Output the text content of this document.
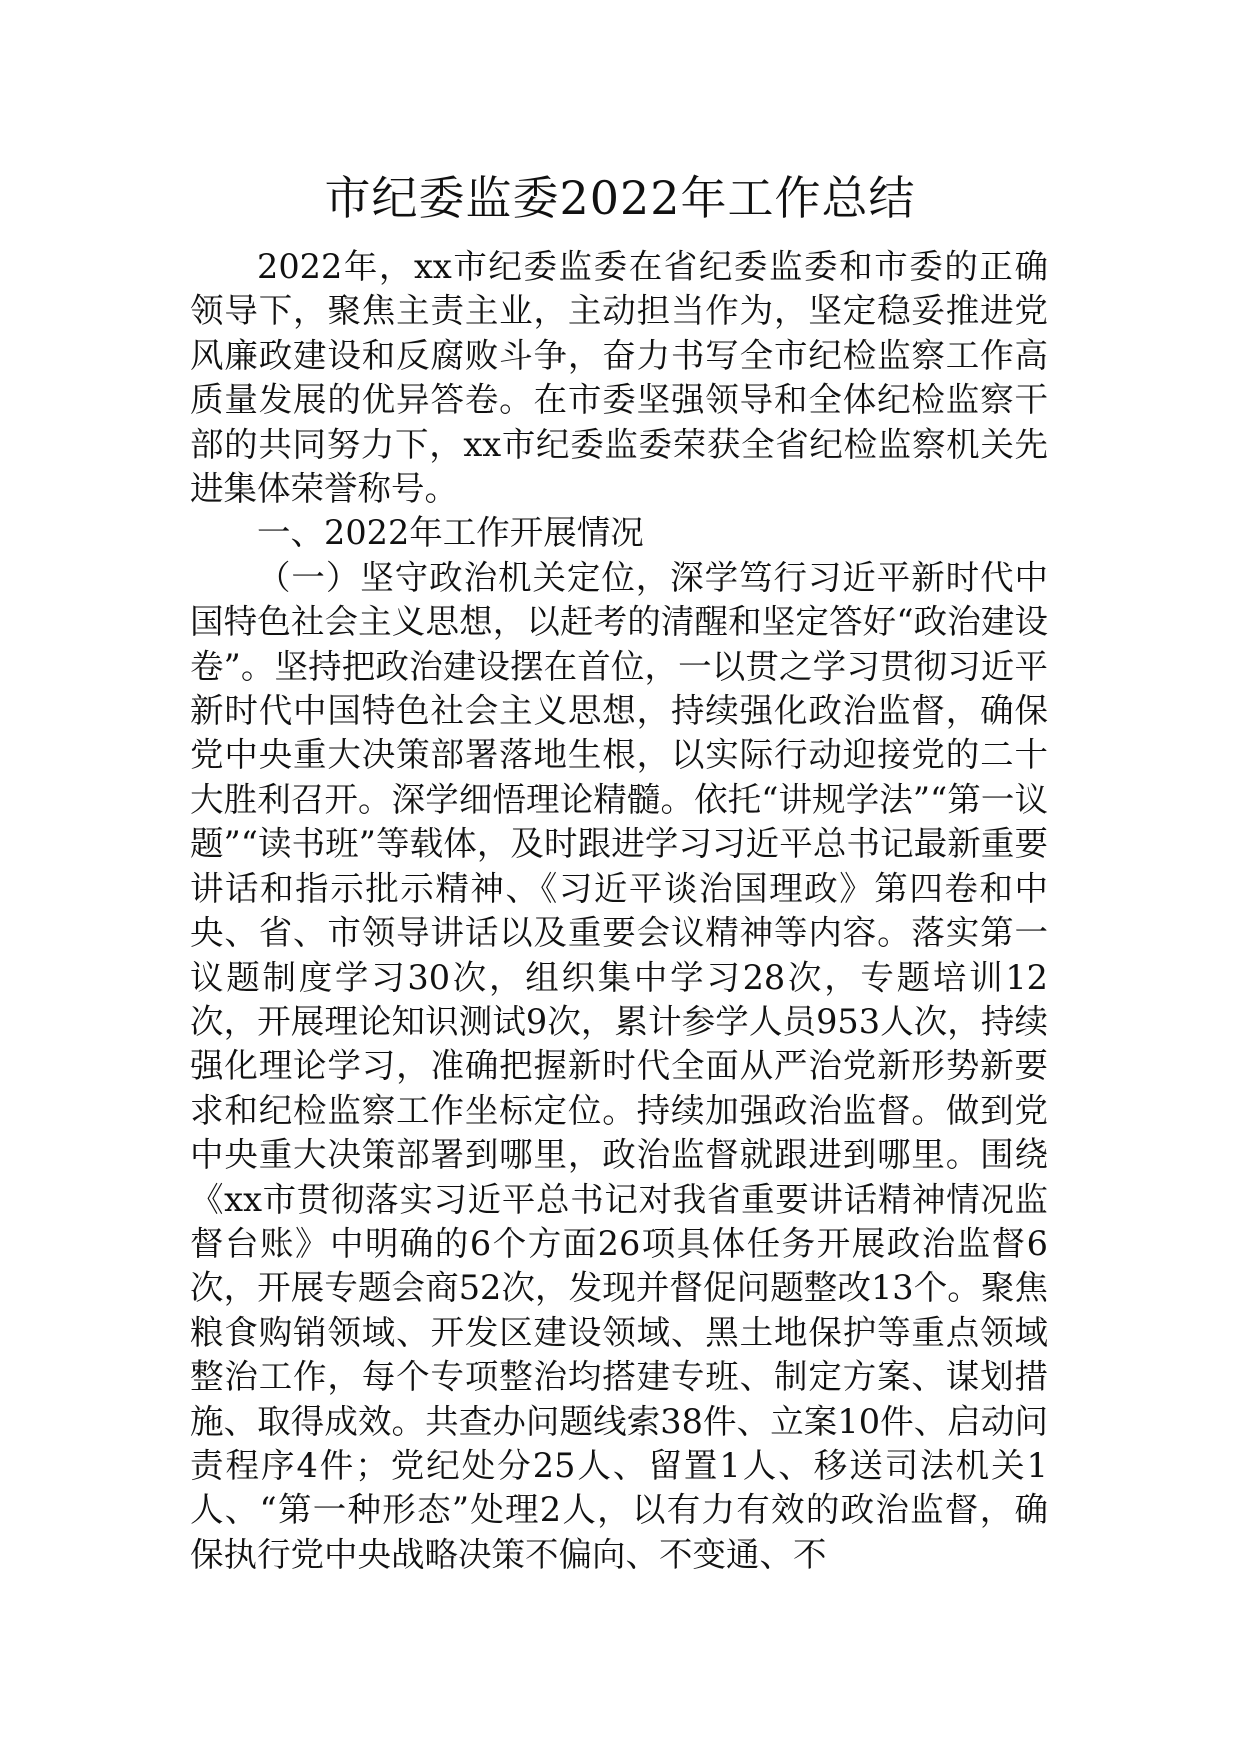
市纪委监委2022年工作总结

2022年，xx市纪委监委在省纪委监委和市委的正确领导下，聚焦主责主业，主动担当作为，坚定稳妥推进党风廉政建设和反腐败斗争，奋力书写全市纪检监察工作高质量发展的优异答卷。在市委坚强领导和全体纪检监察干部的共同努力下，xx市纪委监委荣获全省纪检监察机关先进集体荣誉称号。

一、2022年工作开展情况

（一）坚守政治机关定位，深学笃行习近平新时代中国特色社会主义思想，以赶考的清醒和坚定答好“政治建设卷”。坚持把政治建设摆在首位，一以贯之学习贯彻习近平新时代中国特色社会主义思想，持续强化政治监督，确保党中央重大决策部署落地生根，以实际行动迎接党的二十大胜利召开。深学细悟理论精髓。依托“讲规学法”“第一议题”“读书班”等载体，及时跟进学习习近平总书记最新重要讲话和指示批示精神、《习近平谈治国理政》第四卷和中央、省、市领导讲话以及重要会议精神等内容。落实第一议题制度学习30次，组织集中学习28次，专题培训12次，开展理论知识测试9次，累计参学人员953人次，持续强化理论学习，准确把握新时代全面从严治党新形势新要求和纪检监察工作坐标定位。持续加强政治监督。做到党中央重大决策部署到哪里，政治监督就跟进到哪里。围绕《xx市贯彻落实习近平总书记对我省重要讲话精神情况监督台账》中明确的6个方面26项具体任务开展政治监督6次，开展专题会商52次，发现并督促问题整改13个。聚焦粮食购销领域、开发区建设领域、黑土地保护等重点领域整治工作，每个专项整治均搭建专班、制定方案、谋划措施、取得成效。共查办问题线索38件、立案10件、启动问责程序4件；党纪处分25人、留置1人、移送司法机关1人、“第一种形态”处理2人，以有力有效的政治监督，确保执行党中央战略决策不偏向、不变通、不
